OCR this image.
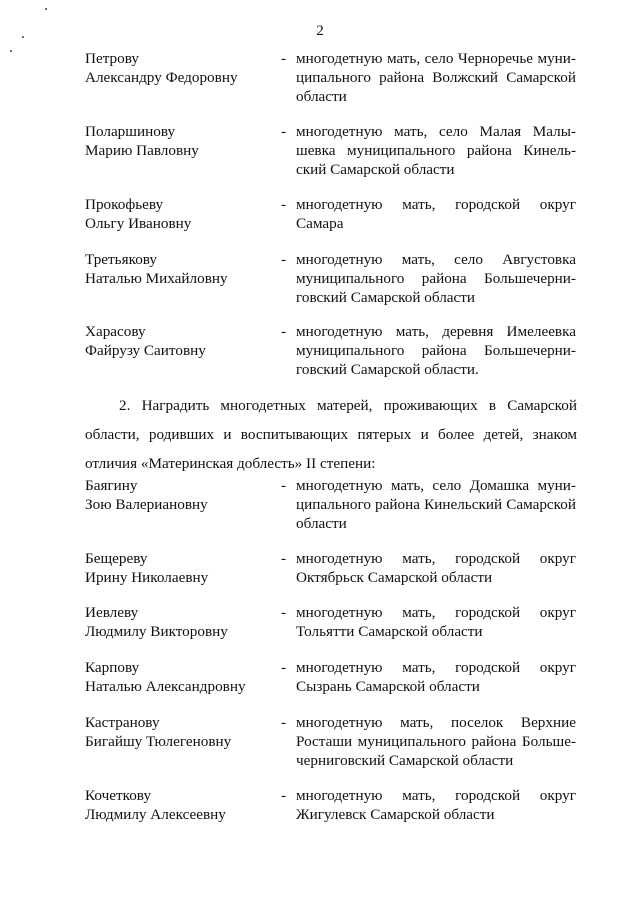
2
Петрову
Александру Федоровну
- многодетную мать, село Черноречье муни-
ципального района Волжский Самарской
области
Поларшинову
Марию Павловну
- многодетную мать, село Малая Малы-
шевка муниципального района Кинель-
ский Самарской области
Прокофьеву
Ольгу Ивановну
- многодетную мать, городской округ
Самара
Третьякову
Наталью Михайловну
- многодетную мать, село Августовка
муниципального района Большечерни-
говский Самарской области
Харасову
Файрузу Саитовну
- многодетную мать, деревня Имелеевка
муниципального района Большечерни-
говский Самарской области.
2. Наградить многодетных матерей, проживающих в Самарской
области, родивших и воспитывающих пятерых и более детей, знаком
отличия «Материнская доблесть» II степени:
Баягину
Зою Валериановну
- многодетную мать, село Домашка муни-
ципального района Кинельский Самарской
области
Бещереву
Ирину Николаевну
- многодетную мать, городской округ
Октябрьск Самарской области
Иевлеву
Людмилу Викторовну
- многодетную мать, городской округ
Тольятти Самарской области
Карпову
Наталью Александровну
- многодетную мать, городской округ
Сызрань Самарской области
Кастранову
Бигайшу Тюлегеновну
- многодетную мать, поселок Верхние
Росташи муниципального района Больше-
черниговский Самарской области
Кочеткову
Людмилу Алексеевну
- многодетную мать, городской округ
Жигулевск Самарской области
